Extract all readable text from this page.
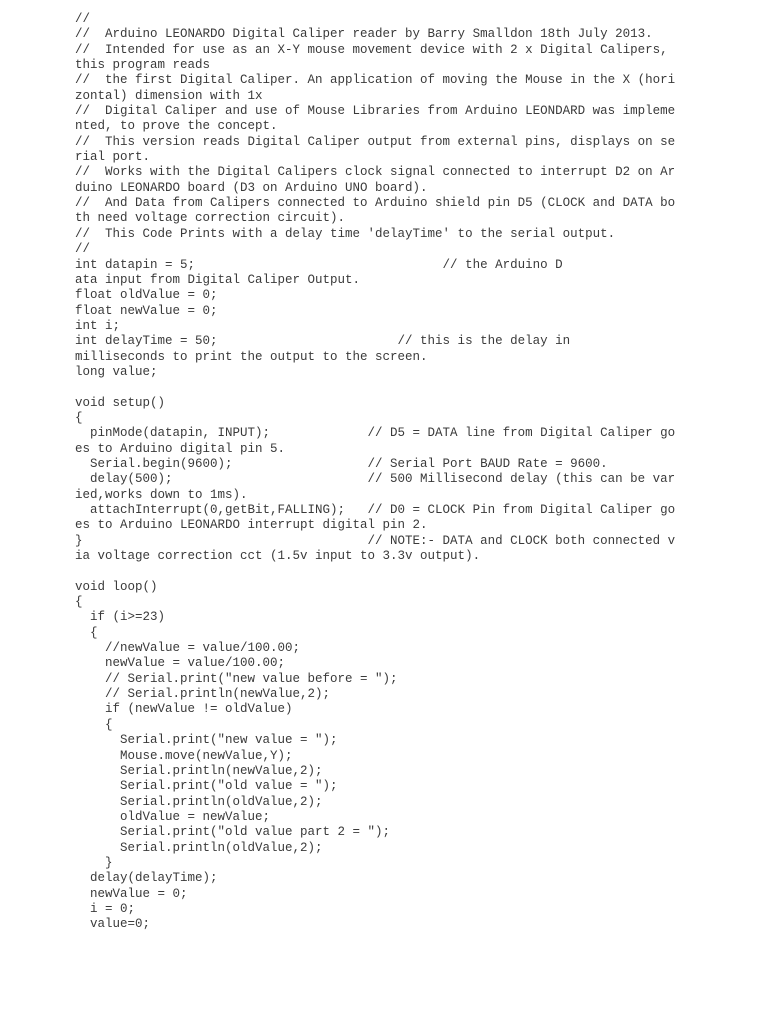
//
//  Arduino LEONARDO Digital Caliper reader by Barry Smalldon 18th July 2013.
//  Intended for use as an X-Y mouse movement device with 2 x Digital Calipers,
this program reads
//  the first Digital Caliper. An application of moving the Mouse in the X (hori
zontal) dimension with 1x
//  Digital Caliper and use of Mouse Libraries from Arduino LEONDARD was impleme
nted, to prove the concept.
//  This version reads Digital Caliper output from external pins, displays on se
rial port.
//  Works with the Digital Calipers clock signal connected to interrupt D2 on Ar
duino LEONARDO board (D3 on Arduino UNO board).
//  And Data from Calipers connected to Arduino shield pin D5 (CLOCK and DATA bo
th need voltage correction circuit).
//  This Code Prints with a delay time 'delayTime' to the serial output.
//
int datapin = 5;                                 // the Arduino D
ata input from Digital Caliper Output.
float oldValue = 0;
float newValue = 0;
int i;
int delayTime = 50;                        // this is the delay in
milliseconds to print the output to the screen.
long value;
void setup()
{
pinMode(datapin, INPUT);             // D5 = DATA line from Digital Caliper go
es to Arduino digital pin 5.
Serial.begin(9600);                  // Serial Port BAUD Rate = 9600.
delay(500);                          // 500 Millisecond delay (this can be var
ied,works down to 1ms).
attachInterrupt(0,getBit,FALLING);   // D0 = CLOCK Pin from Digital Caliper go
es to Arduino LEONARDO interrupt digital pin 2.
}                                      // NOTE:- DATA and CLOCK both connected v
ia voltage correction cct (1.5v input to 3.3v output).
void loop()
{
if (i>=23)
{
//newValue = value/100.00;
newValue = value/100.00;
// Serial.print("new value before = ");
// Serial.println(newValue,2);
if (newValue != oldValue)
{
Serial.print("new value = ");
Mouse.move(newValue,Y);
Serial.println(newValue,2);
Serial.print("old value = ");
Serial.println(oldValue,2);
oldValue = newValue;
Serial.print("old value part 2 = ");
Serial.println(oldValue,2);
}
delay(delayTime);
newValue = 0;
i = 0;
value=0;
